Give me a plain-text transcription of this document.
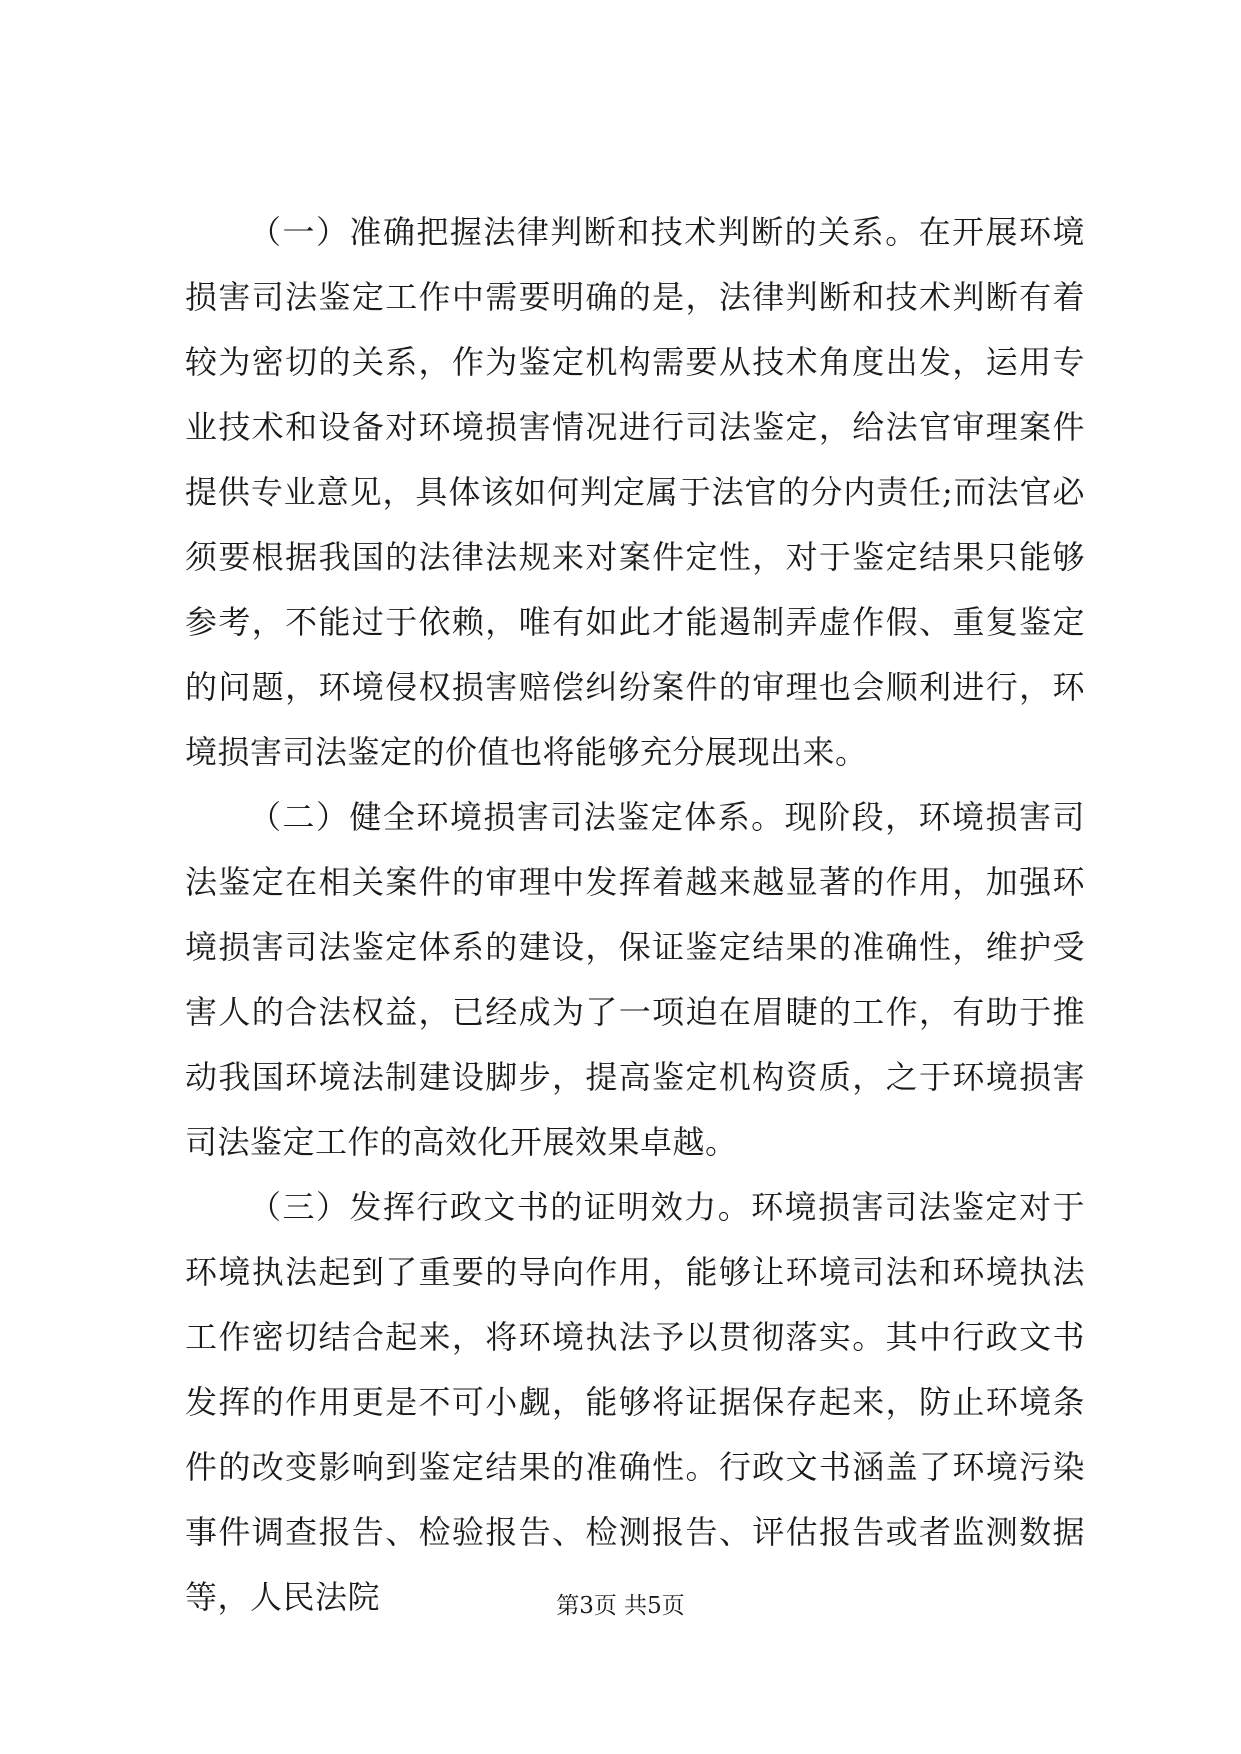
（一）准确把握法律判断和技术判断的关系。在开展环境损害司法鉴定工作中需要明确的是，法律判断和技术判断有着较为密切的关系，作为鉴定机构需要从技术角度出发，运用专业技术和设备对环境损害情况进行司法鉴定，给法官审理案件提供专业意见，具体该如何判定属于法官的分内责任;而法官必须要根据我国的法律法规来对案件定性，对于鉴定结果只能够参考，不能过于依赖，唯有如此才能遏制弄虚作假、重复鉴定的问题，环境侵权损害赔偿纠纷案件的审理也会顺利进行，环境损害司法鉴定的价值也将能够充分展现出来。

（二）健全环境损害司法鉴定体系。现阶段，环境损害司法鉴定在相关案件的审理中发挥着越来越显著的作用，加强环境损害司法鉴定体系的建设，保证鉴定结果的准确性，维护受害人的合法权益，已经成为了一项迫在眉睫的工作，有助于推动我国环境法制建设脚步，提高鉴定机构资质，之于环境损害司法鉴定工作的高效化开展效果卓越。

（三）发挥行政文书的证明效力。环境损害司法鉴定对于环境执法起到了重要的导向作用，能够让环境司法和环境执法工作密切结合起来，将环境执法予以贯彻落实。其中行政文书发挥的作用更是不可小觑，能够将证据保存起来，防止环境条件的改变影响到鉴定结果的准确性。行政文书涵盖了环境污染事件调查报告、检验报告、检测报告、评估报告或者监测数据等，人民法院	第3页 共5页
